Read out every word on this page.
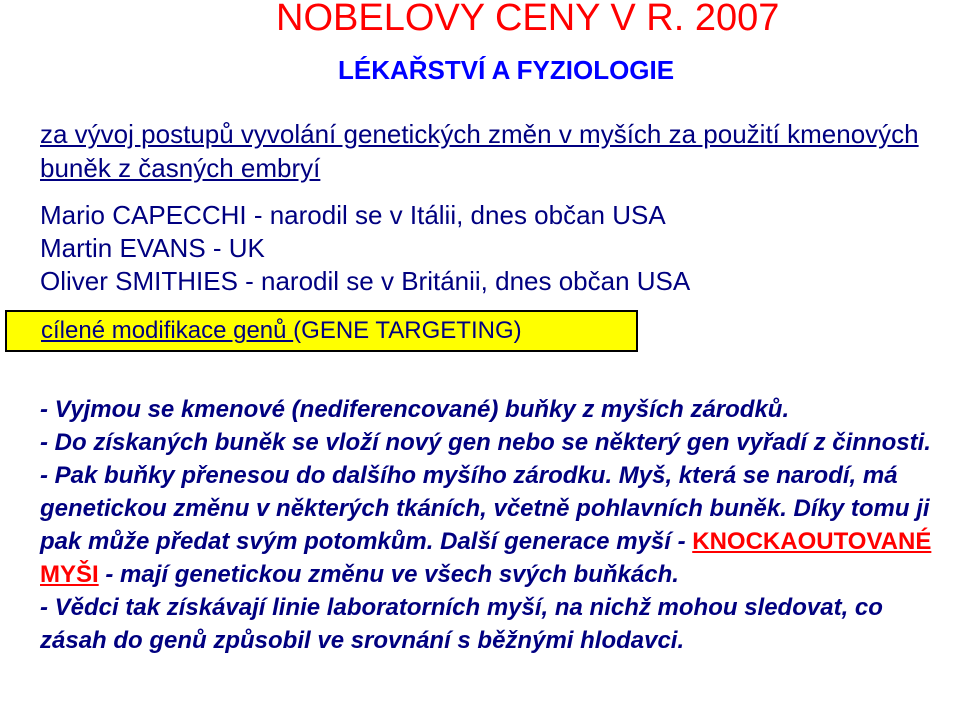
NOBELOVY CENY V R. 2007
LÉKAŘSTVÍ A FYZIOLOGIE

za vývoj postupů vyvolání genetických změn v myších za použití kmenových buněk z časných embryí

Mario CAPECCHI - narodil se v Itálii, dnes občan USA
Martin EVANS - UK
Oliver SMITHIES - narodil se v Británii, dnes občan USA
cílené modifikace genů (GENE TARGETING)

- Vyjmou se kmenové (nediferencované) buňky z myších zárodků.

- Do získaných buněk se vloží nový gen nebo se některý gen vyřadí z činnosti.

- Pak buňky přenesou do dalšího myšího zárodku. Myš, která se narodí, má genetickou změnu v některých tkáních, včetně pohlavních buněk. Díky tomu ji pak může předat svým potomkům. Další generace myší - KNOCKAOUTOVANÉ MYŠI - mají genetickou změnu ve všech svých buňkách.

- Vědci tak získávají linie laboratorních myší, na nichž mohou sledovat, co zásah do genů způsobil ve srovnání s běžnými hlodavci.
